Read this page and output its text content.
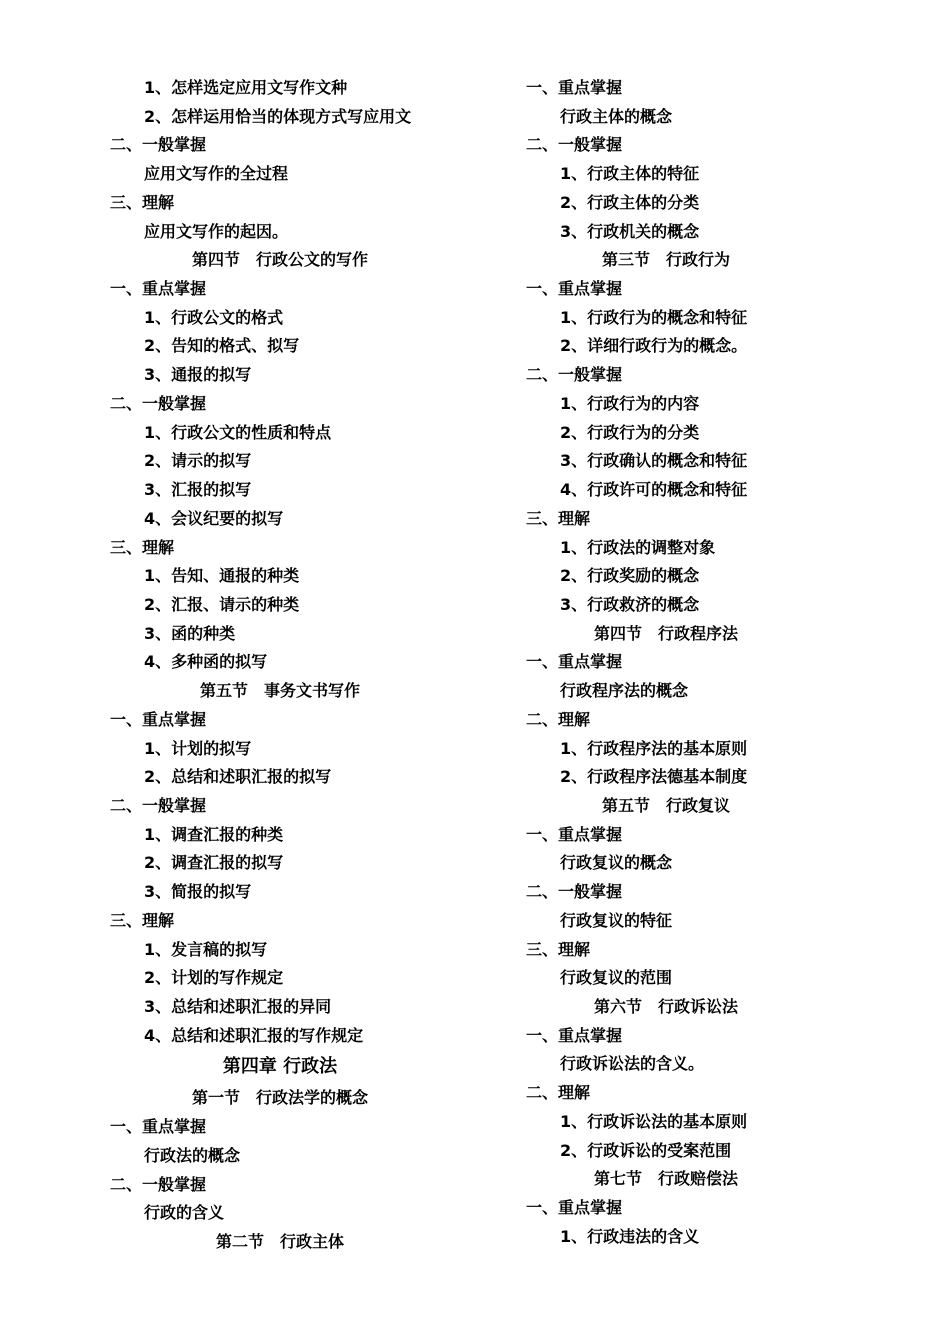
1、怎样选定应用文写作文种
2、怎样运用恰当的体现方式写应用文
二、一般掌握
应用文写作的全过程
三、理解
应用文写作的起因。
第四节　行政公文的写作
一、重点掌握
1、行政公文的格式
2、告知的格式、拟写
3、通报的拟写
二、一般掌握
1、行政公文的性质和特点
2、请示的拟写
3、汇报的拟写
4、会议纪要的拟写
三、理解
1、告知、通报的种类
2、汇报、请示的种类
3、函的种类
4、多种函的拟写
第五节　事务文书写作
一、重点掌握
1、计划的拟写
2、总结和述职汇报的拟写
二、一般掌握
1、调查汇报的种类
2、调查汇报的拟写
3、简报的拟写
三、理解
1、发言稿的拟写
2、计划的写作规定
3、总结和述职汇报的异同
4、总结和述职汇报的写作规定
第四章 行政法
第一节　行政法学的概念
一、重点掌握
行政法的概念
二、一般掌握
行政的含义
第二节　行政主体
一、重点掌握
行政主体的概念
二、一般掌握
1、行政主体的特征
2、行政主体的分类
3、行政机关的概念
第三节　行政行为
一、重点掌握
1、行政行为的概念和特征
2、详细行政行为的概念。
二、一般掌握
1、行政行为的内容
2、行政行为的分类
3、行政确认的概念和特征
4、行政许可的概念和特征
三、理解
1、行政法的调整对象
2、行政奖励的概念
3、行政救济的概念
第四节　行政程序法
一、重点掌握
行政程序法的概念
二、理解
1、行政程序法的基本原则
2、行政程序法德基本制度
第五节　行政复议
一、重点掌握
行政复议的概念
二、一般掌握
行政复议的特征
三、理解
行政复议的范围
第六节　行政诉讼法
一、重点掌握
行政诉讼法的含义。
二、理解
1、行政诉讼法的基本原则
2、行政诉讼的受案范围
第七节　行政赔偿法
一、重点掌握
1、行政违法的含义
